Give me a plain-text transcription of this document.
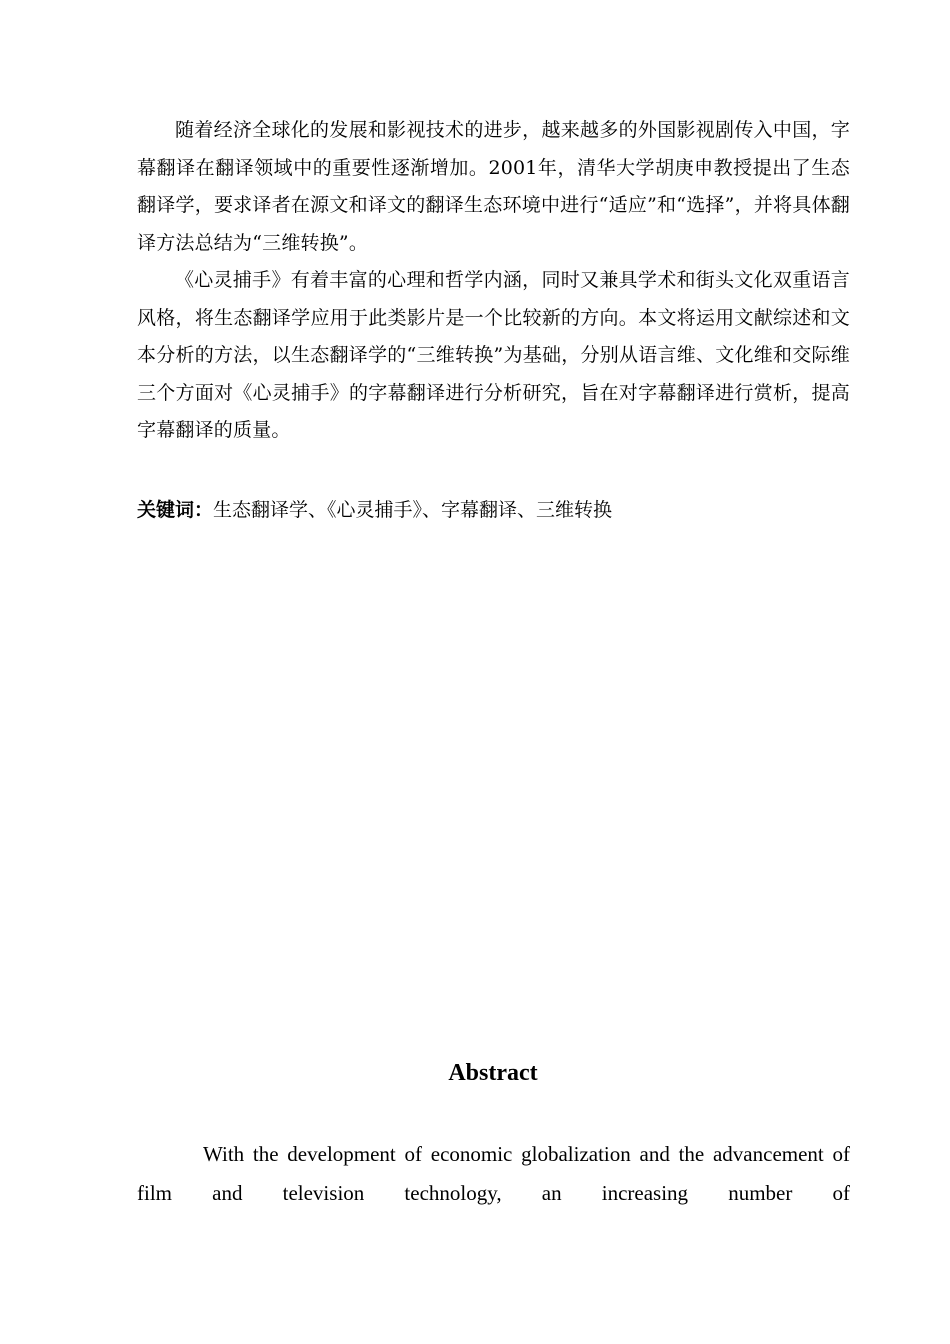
随着经济全球化的发展和影视技术的进步，越来越多的外国影视剧传入中国，字幕翻译在翻译领域中的重要性逐渐增加。2001年，清华大学胡庚申教授提出了生态翻译学，要求译者在源文和译文的翻译生态环境中进行“适应”和“选择”，并将具体翻译方法总结为“三维转换”。

《心灵捕手》有着丰富的心理和哲学内涵，同时又兼具学术和街头文化双重语言风格，将生态翻译学应用于此类影片是一个比较新的方向。本文将运用文献综述和文本分析的方法，以生态翻译学的“三维转换”为基础，分别从语言维、文化维和交际维三个方面对《心灵捕手》的字幕翻译进行分析研究，旨在对字幕翻译进行赏析，提高字幕翻译的质量。

关键词：生态翻译学、《心灵捕手》、字幕翻译、三维转换
Abstract

With the development of economic globalization and the advancement of film and television technology, an increasing number of
